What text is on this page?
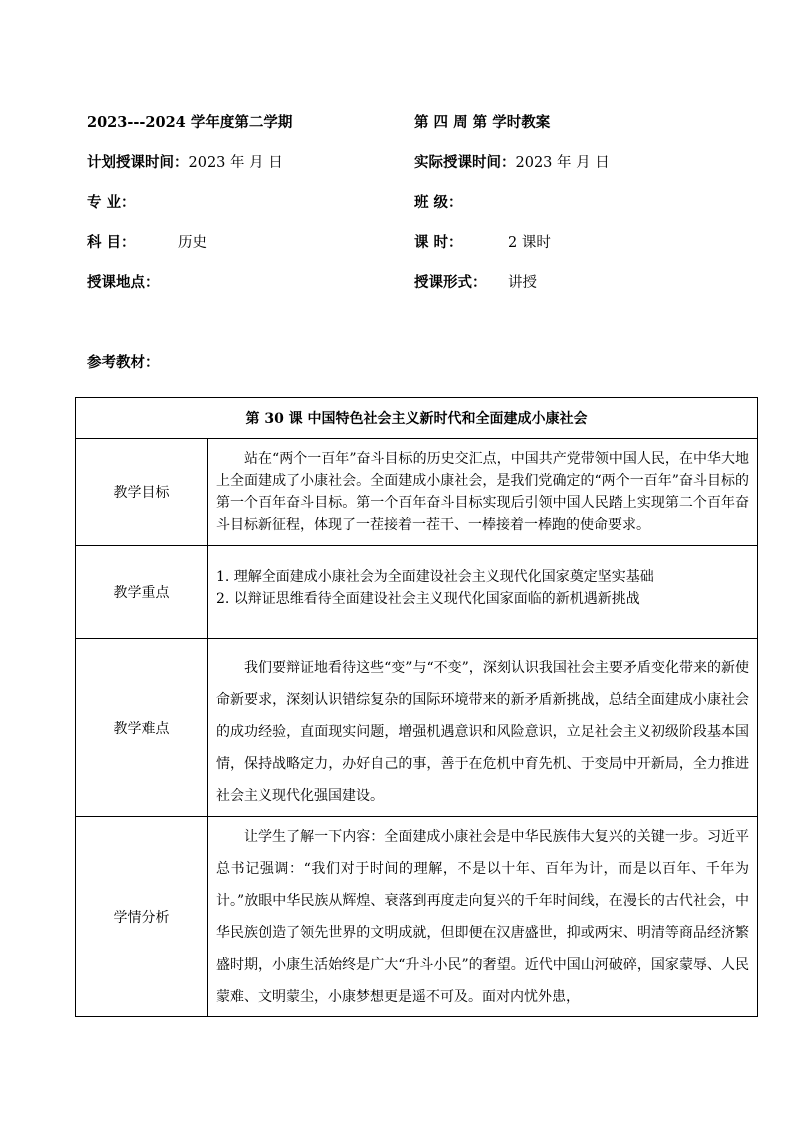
2023---2024 学年度第二学期	第 四 周 第 学时教案
计划授课时间：2023 年 月 日	实际授课时间：2023 年 月 日
专 业：	班 级：
科 目：	历史	课 时：	2 课时
授课地点：	授课形式： 讲授
参考教材：
第 30 课 中国特色社会主义新时代和全面建成小康社会	
教学目标	站在“两个一百年”奋斗目标的历史交汇点，中国共产党带领中国人民，在中华大地上全面建成了小康社会。全面建成小康社会，是我们党确定的“两个一百年”奋斗目标的第一个百年奋斗目标。第一个百年奋斗目标实现后引领中国人民踏上实现第二个百年奋斗目标新征程，体现了一茬接着一茬干、一棒接着一棒跑的使命要求。

教学重点	1. 理解全面建成小康社会为全面建设社会主义现代化国家奠定坚实基础
2. 以辩证思维看待全面建设社会主义现代化国家面临的新机遇新挑战

教学难点	我们要辩证地看待这些“变”与“不变”，深刻认识我国社会主要矛盾变化带来的新使命新要求，深刻认识错综复杂的国际环境带来的新矛盾新挑战，总结全面建成小康社会的成功经验，直面现实问题，增强机遇意识和风险意识，立足社会主义初级阶段基本国情，保持战略定力，办好自己的事，善于在危机中育先机、于变局中开新局，全力推进社会主义现代化强国建设。

学情分析	让学生了解一下内容：全面建成小康社会是中华民族伟大复兴的关键一步。习近平总书记强调：“我们对于时间的理解，不是以十年、百年为计，而是以百年、千年为计。”放眼中华民族从辉煌、衰落到再度走向复兴的千年时间线，在漫长的古代社会，中华民族创造了领先世界的文明成就，但即便在汉唐盛世，抑或两宋、明清等商品经济繁盛时期，小康生活始终是广大“升斗小民”的奢望。近代中国山河破碎，国家蒙辱、人民蒙难、文明蒙尘，小康梦想更是遥不可及。面对内忧外患，
